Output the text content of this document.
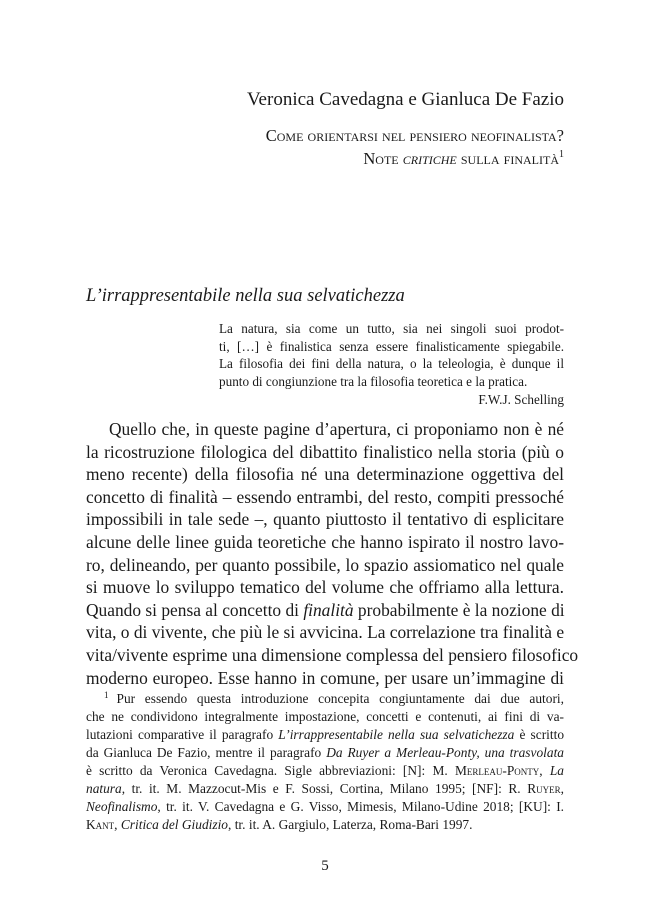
Veronica Cavedagna e Gianluca De Fazio
Come orientarsi nel pensiero neofinalista?
Note critiche sulla finalità$^1$
L’irrappresentabile nella sua selvatichezza
La natura, sia come un tutto, sia nei singoli suoi prodot-
ti, […] è finalistica senza essere finalisticamente spiegabile.
La filosofia dei fini della natura, o la teleologia, è dunque il
punto di congiunzione tra la filosofia teoretica e la pratica.
F.W.J. Schelling
Quello che, in queste pagine d’apertura, ci proponiamo non è né
la ricostruzione filologica del dibattito finalistico nella storia (più o
meno recente) della filosofia né una determinazione oggettiva del
concetto di finalità – essendo entrambi, del resto, compiti pressoché
impossibili in tale sede –, quanto piuttosto il tentativo di esplicitare
alcune delle linee guida teoretiche che hanno ispirato il nostro lavo-
ro, delineando, per quanto possibile, lo spazio assiomatico nel quale
si muove lo sviluppo tematico del volume che offriamo alla lettura.
Quando si pensa al concetto di finalità probabilmente è la nozione di
vita, o di vivente, che più le si avvicina. La correlazione tra finalità e
vita/vivente esprime una dimensione complessa del pensiero filosofico
moderno europeo. Esse hanno in comune, per usare un’immagine di
$^1$ Pur essendo questa introduzione concepita congiuntamente dai due autori,
che ne condividono integralmente impostazione, concetti e contenuti, ai fini di va-
lutazioni comparative il paragrafo L’irrappresentabile nella sua selvatichezza è scritto
da Gianluca De Fazio, mentre il paragrafo Da Ruyer a Merleau-Ponty, una trasvolata
è scritto da Veronica Cavedagna. Sigle abbreviazioni: [N]: M. Merleau-Ponty, La
natura, tr. it. M. Mazzocut-Mis e F. Sossi, Cortina, Milano 1995; [NF]: R. Ruyer,
Neofinalismo, tr. it. V. Cavedagna e G. Visso, Mimesis, Milano-Udine 2018; [KU]: I.
Kant, Critica del Giudizio, tr. it. A. Gargiulo, Laterza, Roma-Bari 1997.
5
